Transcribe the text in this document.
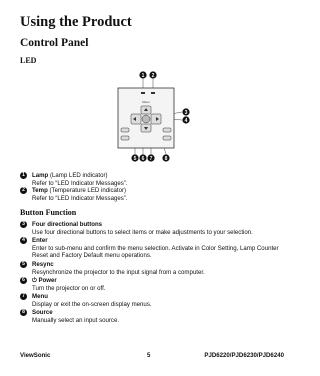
Using the Product
Control Panel
LED
1 2
3
4
Menu
5 6 7 8
1	Lamp (Lamp LED indicator)
Refer to “LED Indicator Messages”.
2	Temp (Temperature LED indicator)
Refer to “LED Indicator Messages”.
Button Function
3	Four directional buttons
Use four directional buttons to select items or make adjustments to your selection.
4	Enter
Enter to sub-menu and confirm the menu selection. Activate in Color Setting, Lamp Counter Reset and Factory Default menu operations.
5	Resync
Resynchronize the projector to the input signal from a computer.
6	⏻ Power
Turn the projector on or off.
7	Menu
Display or exit the on-screen display menus.
8	Source
Manually select an input source.
ViewSonic	5	PJD6220/PJD6230/PJD6240
